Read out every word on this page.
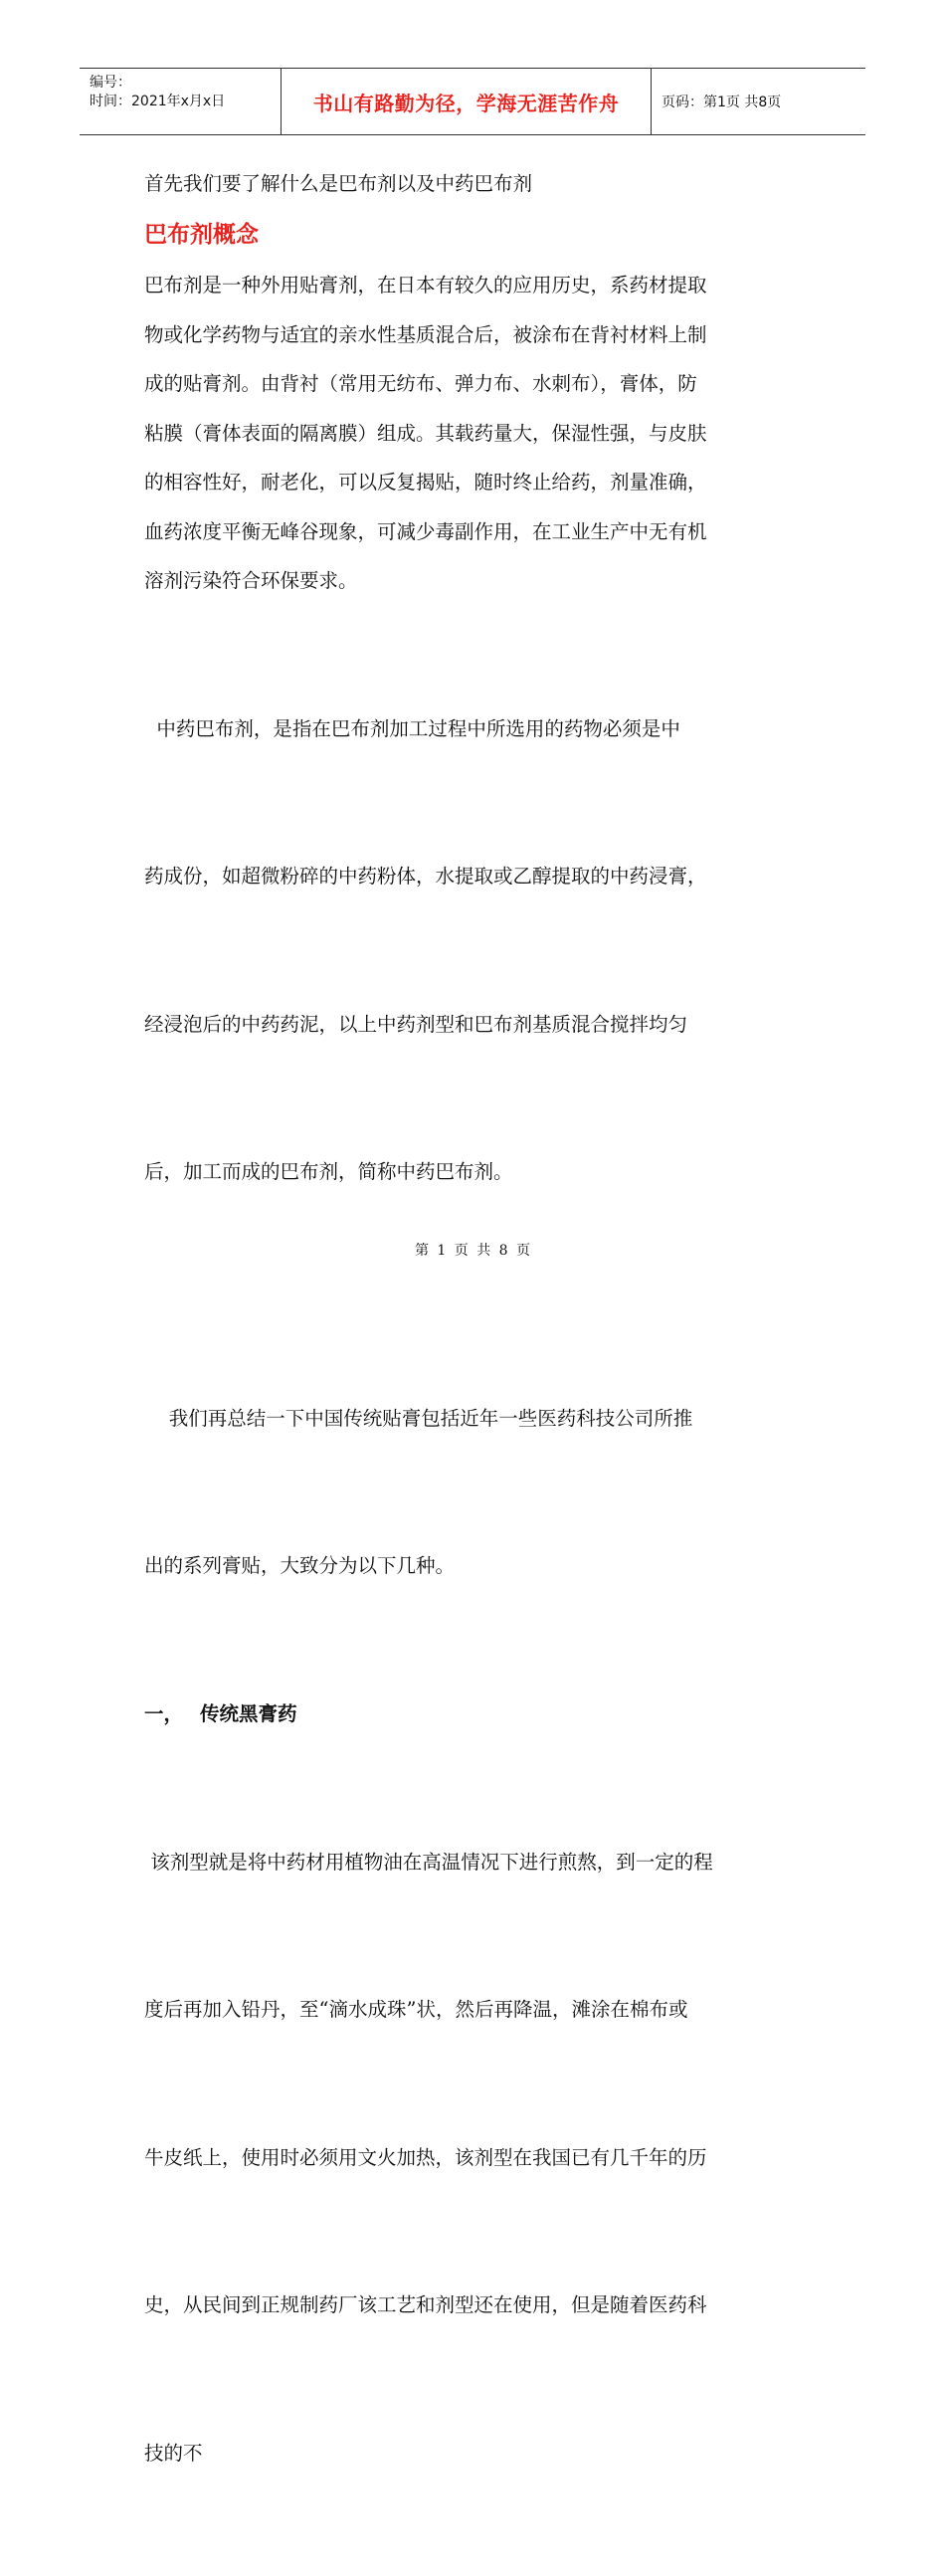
编号：
时间：2021年x月x日	书山有路勤为径，学海无涯苦作舟	页码：第1页 共8页
首先我们要了解什么是巴布剂以及中药巴布剂
巴布剂概念
巴布剂是一种外用贴膏剂，在日本有较久的应用历史，系药材提取
物或化学药物与适宜的亲水性基质混合后，被涂布在背衬材料上制
成的贴膏剂。由背衬（常用无纺布、弹力布、水刺布），膏体，防
粘膜（膏体表面的隔离膜）组成。其载药量大，保湿性强，与皮肤
的相容性好，耐老化，可以反复揭贴，随时终止给药，剂量准确，
血药浓度平衡无峰谷现象，可减少毒副作用，在工业生产中无有机
溶剂污染符合环保要求。

中药巴布剂，是指在巴布剂加工过程中所选用的药物必须是中

药成份，如超微粉碎的中药粉体，水提取或乙醇提取的中药浸膏，

经浸泡后的中药药泥，以上中药剂型和巴布剂基质混合搅拌均匀

后，加工而成的巴布剂，简称中药巴布剂。

我们再总结一下中国传统贴膏包括近年一些医药科技公司所推

出的系列膏贴，大致分为以下几种。

一， 传统黑膏药

该剂型就是将中药材用植物油在高温情况下进行煎熬，到一定的程

度后再加入铅丹，至“滴水成珠”状，然后再降温，滩涂在棉布或

牛皮纸上，使用时必须用文火加热，该剂型在我国已有几千年的历

史，从民间到正规制药厂该工艺和剂型还在使用，但是随着医药科

技的不

第 1 页 共 8 页
